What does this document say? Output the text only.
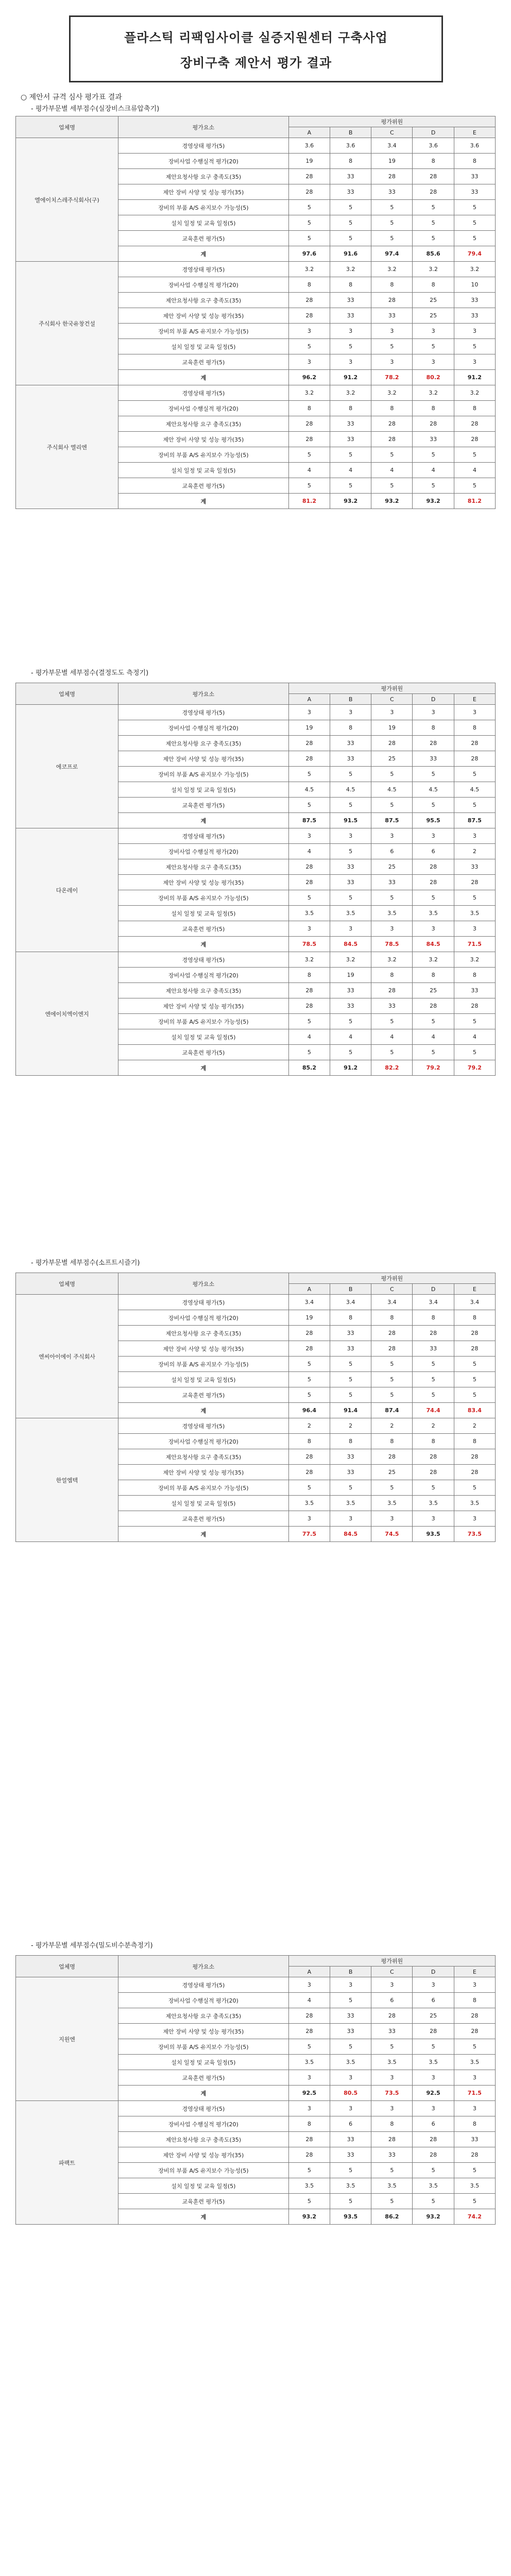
플라스틱 리팩임사이클 실증지원센터 구축사업
장비구축 제안서 평가 결과
○ 제안서 규격 심사 평가표 결과
- 평가부문별 세부점수(실장비스크류압축기)
업체명	평가요소	평가위원				
		A	B	C	D	E
엘에이치스레주식회사(구)	경영상태 평가(5)	3.6	3.6	3.4	3.6	3.6
	장비사업 수행실적 평가(20)	19	8	19	8	8
	제안요청사항 요구 충족도(35)	28	33	28	28	33
	제안 장비 사양 및 성능 평가(35)	28	33	33	28	33
	장비의 부품 A/S 유지보수 가능성(5)	5	5	5	5	5
	설치 일정 및 교육 일정(5)	5	5	5	5	5
	교육훈련 평가(5)	5	5	5	5	5
	계	97.6	91.6	97.4	85.6	79.4
주식회사 한국유창건설	경영상태 평가(5)	3.2	3.2	3.2	3.2	3.2
	장비사업 수행실적 평가(20)	8	8	8	8	10
	제안요청사항 요구 충족도(35)	28	33	28	25	33
	제안 장비 사양 및 성능 평가(35)	28	33	33	25	33
	장비의 부품 A/S 유지보수 가능성(5)	3	3	3	3	3
	설치 일정 및 교육 일정(5)	5	5	5	5	5
	교육훈련 평가(5)	3	3	3	3	3
	계	96.2	91.2	78.2	80.2	91.2
주식회사 엘리엔	경영상태 평가(5)	3.2	3.2	3.2	3.2	3.2
	장비사업 수행실적 평가(20)	8	8	8	8	8
	제안요청사항 요구 충족도(35)	28	33	28	28	28
	제안 장비 사양 및 성능 평가(35)	28	33	28	33	28
	장비의 부품 A/S 유지보수 가능성(5)	5	5	5	5	5
	설치 일정 및 교육 일정(5)	4	4	4	4	4
	교육훈련 평가(5)	5	5	5	5	5
	계	81.2	93.2	93.2	93.2	81.2
- 평가부문별 세부점수(결정도도 측정기)
업체명	평가요소	평가위원				
		A	B	C	D	E
에코프로	경영상태 평가(5)	3	3	3	3	3
	장비사업 수행실적 평가(20)	19	8	19	8	8
	제안요청사항 요구 충족도(35)	28	33	28	28	28
	제안 장비 사양 및 성능 평가(35)	28	33	25	33	28
	장비의 부품 A/S 유지보수 가능성(5)	5	5	5	5	5
	설치 일정 및 교육 일정(5)	4.5	4.5	4.5	4.5	4.5
	교육훈련 평가(5)	5	5	5	5	5
	계	87.5	91.5	87.5	95.5	87.5
다온레이	경영상태 평가(5)	3	3	3	3	3
	장비사업 수행실적 평가(20)	4	5	6	6	2
	제안요청사항 요구 충족도(35)	28	33	25	28	33
	제안 장비 사양 및 성능 평가(35)	28	33	33	28	28
	장비의 부품 A/S 유지보수 가능성(5)	5	5	5	5	5
	설치 일정 및 교육 일정(5)	3.5	3.5	3.5	3.5	3.5
	교육훈련 평가(5)	3	3	3	3	3
	계	78.5	84.5	78.5	84.5	71.5
엔에이치엑이엔지	경영상태 평가(5)	3.2	3.2	3.2	3.2	3.2
	장비사업 수행실적 평가(20)	8	19	8	8	8
	제안요청사항 요구 충족도(35)	28	33	28	25	33
	제안 장비 사양 및 성능 평가(35)	28	33	33	28	28
	장비의 부품 A/S 유지보수 가능성(5)	5	5	5	5	5
	설치 일정 및 교육 일정(5)	4	4	4	4	4
	교육훈련 평가(5)	5	5	5	5	5
	계	85.2	91.2	82.2	79.2	79.2
- 평가부문별 세부점수(소프트시즐기)
업체명	평가요소	평가위원				
		A	B	C	D	E
엔씨아이에이 주식회사	경영상태 평가(5)	3.4	3.4	3.4	3.4	3.4
	장비사업 수행실적 평가(20)	19	8	8	8	8
	제안요청사항 요구 충족도(35)	28	33	28	28	28
	제안 장비 사양 및 성능 평가(35)	28	33	28	33	28
	장비의 부품 A/S 유지보수 가능성(5)	5	5	5	5	5
	설치 일정 및 교육 일정(5)	5	5	5	5	5
	교육훈련 평가(5)	5	5	5	5	5
	계	96.4	91.4	87.4	74.4	83.4
한얼엠텍	경영상태 평가(5)	2	2	2	2	2
	장비사업 수행실적 평가(20)	8	8	8	8	8
	제안요청사항 요구 충족도(35)	28	33	28	28	28
	제안 장비 사양 및 성능 평가(35)	28	33	25	28	28
	장비의 부품 A/S 유지보수 가능성(5)	5	5	5	5	5
	설치 일정 및 교육 일정(5)	3.5	3.5	3.5	3.5	3.5
	교육훈련 평가(5)	3	3	3	3	3
	계	77.5	84.5	74.5	93.5	73.5
- 평가부문별 세부점수(밀도비수분측정기)
업체명	평가요소	평가위원				
		A	B	C	D	E
지원엔	경영상태 평가(5)	3	3	3	3	3
	장비사업 수행실적 평가(20)	4	5	6	6	8
	제안요청사항 요구 충족도(35)	28	33	28	25	28
	제안 장비 사양 및 성능 평가(35)	28	33	33	28	28
	장비의 부품 A/S 유지보수 가능성(5)	5	5	5	5	5
	설치 일정 및 교육 일정(5)	3.5	3.5	3.5	3.5	3.5
	교육훈련 평가(5)	3	3	3	3	3
	계	92.5	80.5	73.5	92.5	71.5
파팩트	경영상태 평가(5)	3	3	3	3	3
	장비사업 수행실적 평가(20)	8	6	8	6	8
	제안요청사항 요구 충족도(35)	28	33	28	28	33
	제안 장비 사양 및 성능 평가(35)	28	33	33	28	28
	장비의 부품 A/S 유지보수 가능성(5)	5	5	5	5	5
	설치 일정 및 교육 일정(5)	3.5	3.5	3.5	3.5	3.5
	교육훈련 평가(5)	5	5	5	5	5
	계	93.2	93.5	86.2	93.2	74.2
